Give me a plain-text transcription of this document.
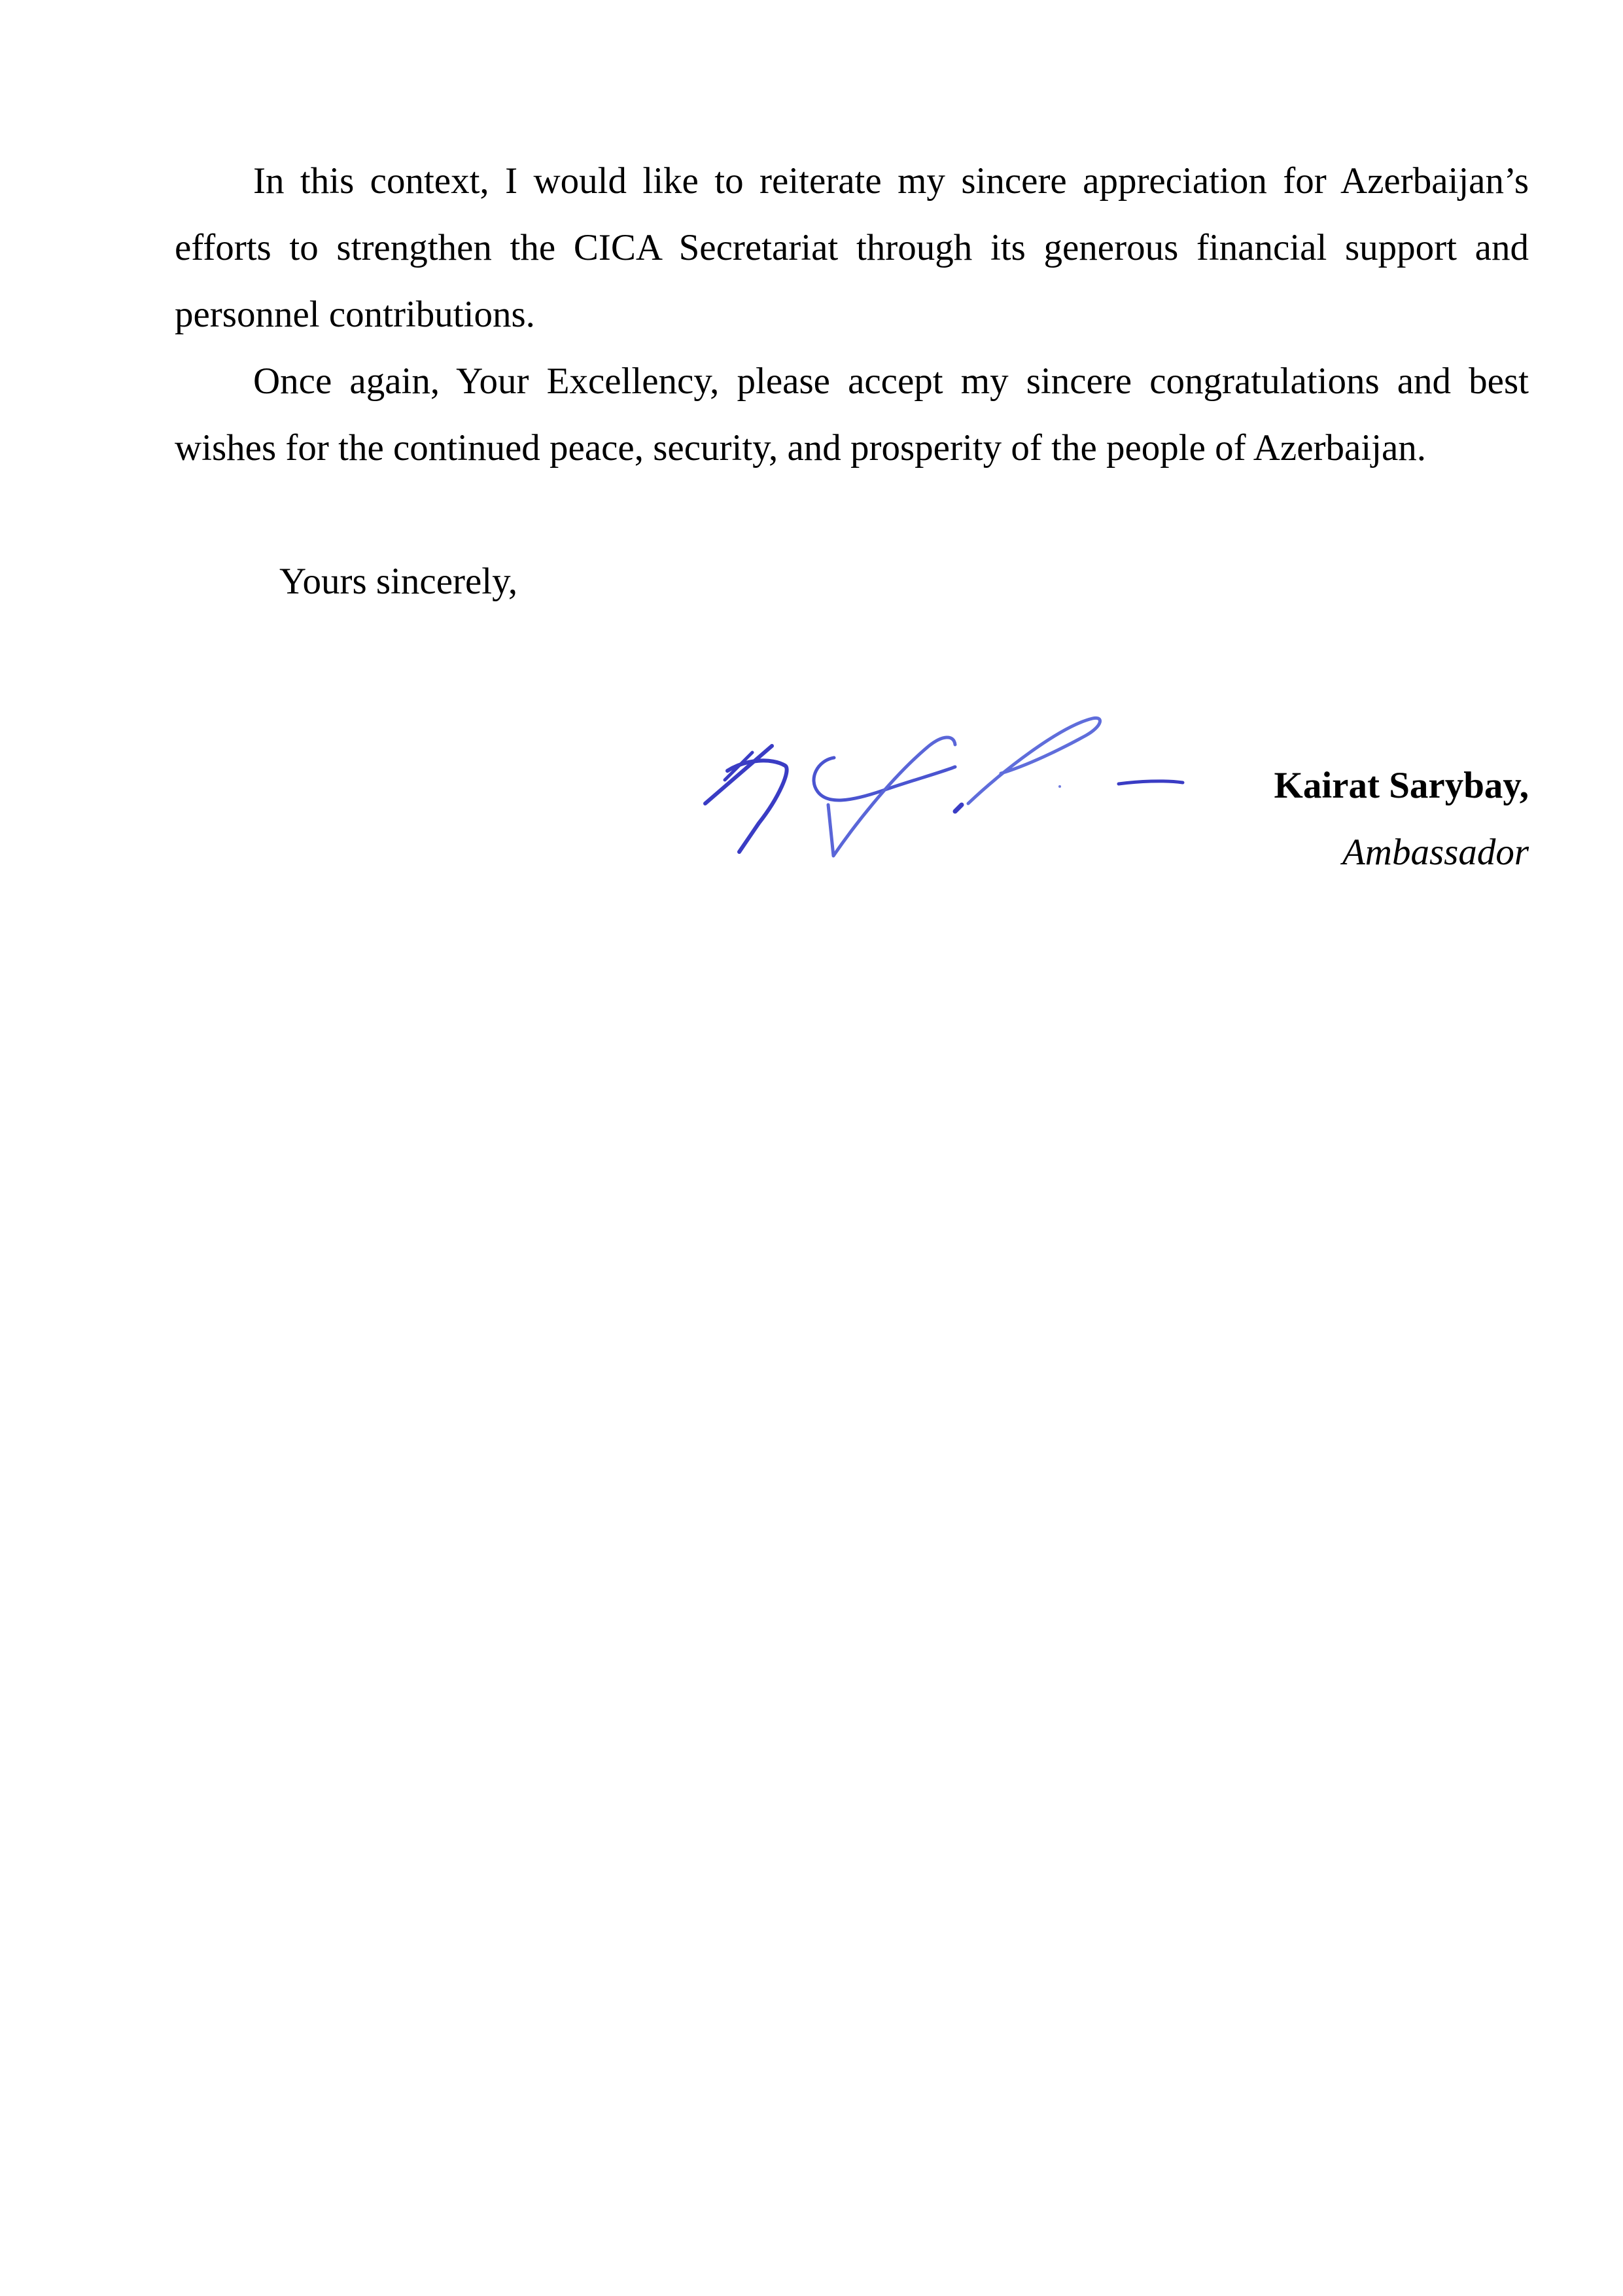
In this context, I would like to reiterate my sincere appreciation for Azerbaijan’s efforts to strengthen the CICA Secretariat through its generous financial support and personnel contributions.

Once again, Your Excellency, please accept my sincere congratulations and best wishes for the continued peace, security, and prosperity of the people of Azerbaijan.

Yours sincerely,
Kairat Sarybay,
Ambassador
